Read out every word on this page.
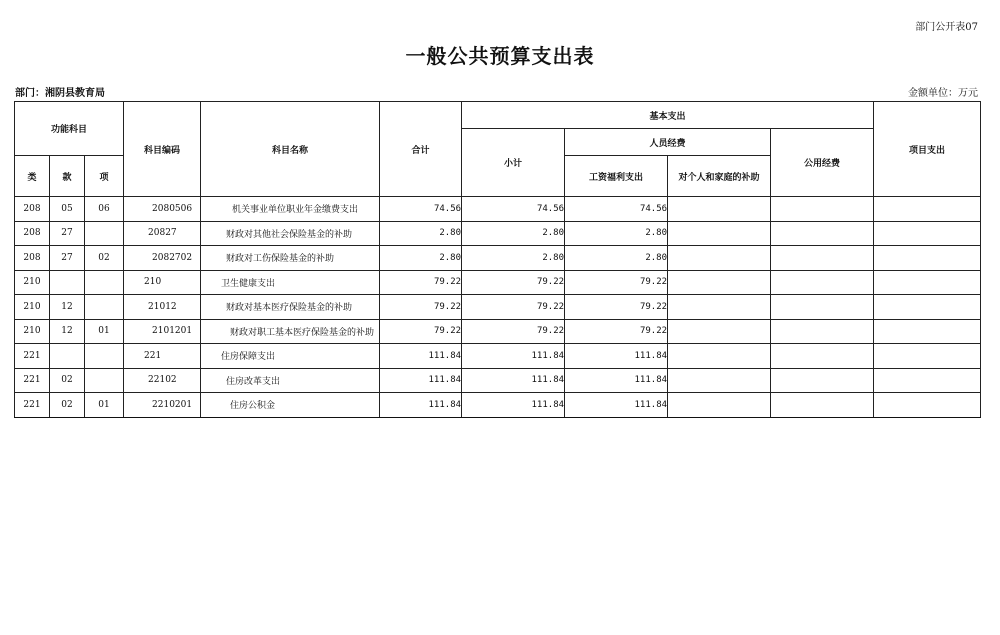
部门公开表07
一般公共预算支出表
部门：湘阴县教育局	金额单位：万元
功能科目			科目编码	科目名称	合计	基本支出				项目支出
						小计	人员经费		公用经费	
类	款	项					工资福利支出	对个人和家庭的补助		
208	05	06	2080506	机关事业单位职业年金缴费支出	74.56	74.56	74.56			
208	27		20827	财政对其他社会保险基金的补助	2.80	2.80	2.80			
208	27	02	2082702	财政对工伤保险基金的补助	2.80	2.80	2.80			
210			210	卫生健康支出	79.22	79.22	79.22			
210	12		21012	财政对基本医疗保险基金的补助	79.22	79.22	79.22			
210	12	01	2101201	财政对职工基本医疗保险基金的补助	79.22	79.22	79.22			
221			221	住房保障支出	111.84	111.84	111.84			
221	02		22102	住房改革支出	111.84	111.84	111.84			
221	02	01	2210201	住房公积金	111.84	111.84	111.84			
